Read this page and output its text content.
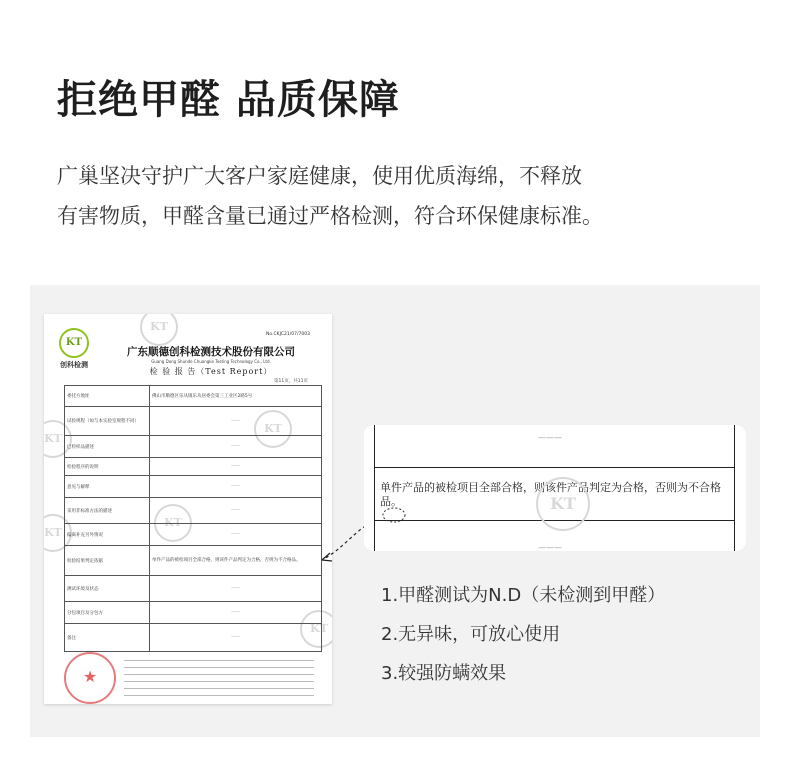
拒绝甲醛 品质保障
广巢坚决守护广大客户家庭健康，使用优质海绵，不释放
有害物质，甲醛含量已通过严格检测，符合环保健康标准。
KT
KT
KT
KT
KT
KT
KT
创科检测
No.CKJC21/07/7003
广东顺德创科检测技术股份有限公司
Guang Dong Shunde Chuangke Testing Technology Co., Ltd.
检 验 报 告（Test Report）
第11页，共11页
委托方地址	佛山市顺德区乐从镇乐从居委会第三工业区2路5号
试验规程（如与本实验室规程不同）	——
已检样品描述	——
检验程序的说明	——
意见与解释	——
采用非标准方法的描述	——
偏离补充另外情况	——
检验结果判定依据	单件产品的被检项目全部合格，则该件产品判定为合格，否则为不合格品。
测试环境及状态	——
分包项目及分包方	——
备注	——
★
———
———
单件产品的被检项目全部合格，则该件产品判定为合格，否则为不合格品。	KT
1.甲醛测试为N.D（未检测到甲醛）
2.无异味，可放心使用
3.较强防螨效果
